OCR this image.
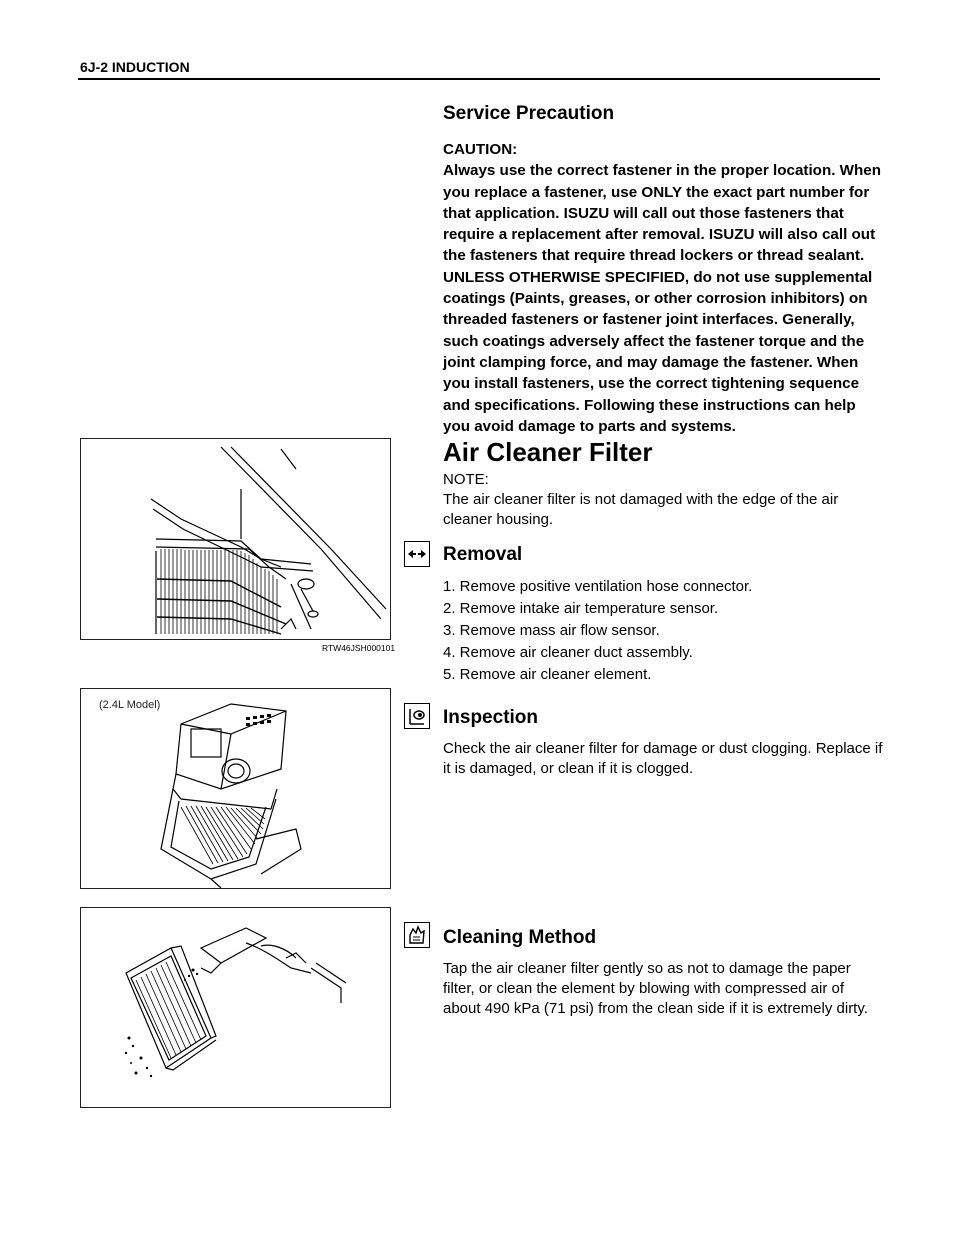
6J-2 INDUCTION
Service Precaution

CAUTION:

Always use the correct fastener in the proper location. When you replace a fastener, use ONLY the exact part number for that application. ISUZU will call out those fasteners that require a replacement after removal. ISUZU will also call out the fasteners that require thread lockers or thread sealant. UNLESS OTHERWISE SPECIFIED, do not use supplemental coatings (Paints, greases, or other corrosion inhibitors) on threaded fasteners or fastener joint interfaces. Generally, such coatings adversely affect the fastener torque and the joint clamping force, and may damage the fastener. When you install fasteners, use the correct tightening sequence and specifications. Following these instructions can help you avoid damage to parts and systems.

RTW46JSH000101
Air Cleaner Filter

NOTE:

The air cleaner filter is not damaged with the edge of the air cleaner housing.

Removal
1. Remove positive ventilation hose connector.
2. Remove intake air temperature sensor.
3. Remove mass air flow sensor.
4. Remove air cleaner duct assembly.
5. Remove air cleaner element.
(2.4L Model)
Inspection

Check the air cleaner filter for damage or dust clogging. Replace if it is damaged, or clean if it is clogged.

Cleaning Method

Tap the air cleaner filter gently so as not to damage the paper filter, or clean the element by blowing with compressed air of about 490 kPa (71 psi) from the clean side if it is extremely dirty.
